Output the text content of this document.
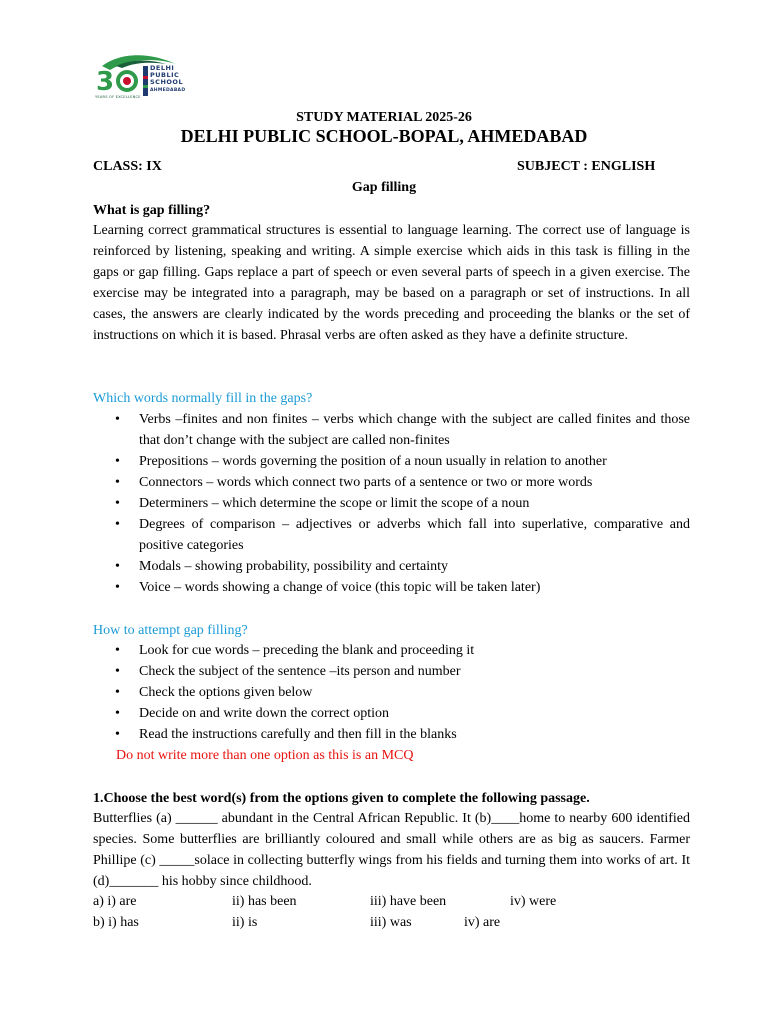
3	DELHI
PUBLIC
SCHOOL
AHMEDABAD
YEARS OF EXCELLENCE
STUDY MATERIAL 2025-26
DELHI PUBLIC SCHOOL-BOPAL, AHMEDABAD
CLASS: IX	SUBJECT : ENGLISH
Gap filling
What is gap filling?
Learning correct grammatical structures is essential to language learning. The correct use of language is reinforced by listening, speaking and writing. A simple exercise which aids in this task is filling in the gaps or gap filling. Gaps replace a part of speech or even several parts of speech in a given exercise. The exercise may be integrated into a paragraph, may be based on a paragraph or set of instructions. In all cases, the answers are clearly indicated by the words preceding and proceeding the blanks or the set of instructions on which it is based. Phrasal verbs are often asked as they have a definite structure.
Which words normally fill in the gaps?
• Verbs –finites and non finites – verbs which change with the subject are called finites and those that don’t change with the subject are called non-finites
• Prepositions – words governing the position of a noun usually in relation to another
• Connectors – words which connect two parts of a sentence or two or more words
• Determiners – which determine the scope or limit the scope of a noun
• Degrees of comparison – adjectives or adverbs which fall into superlative, comparative and positive categories
• Modals – showing probability, possibility and certainty
• Voice – words showing a change of voice (this topic will be taken later)
How to attempt gap filling?
• Look for cue words – preceding the blank and proceeding it
• Check the subject of the sentence –its person and number
• Check the options given below
• Decide on and write down the correct option
• Read the instructions carefully and then fill in the blanks
Do not write more than one option as this is an MCQ
1.Choose the best word(s) from the options given to complete the following passage.
Butterflies (a) ______ abundant in the Central African Republic. It (b)____home to nearby 600 identified species. Some butterflies are brilliantly coloured and small while others are as big as saucers. Farmer Phillipe (c) _____solace in collecting butterfly wings from his fields and turning them into works of art. It (d)_______ his hobby since childhood.
a) i) are	ii) has been	iii) have been	iv) were
b) i) has	ii) is	iii) was	iv) are
